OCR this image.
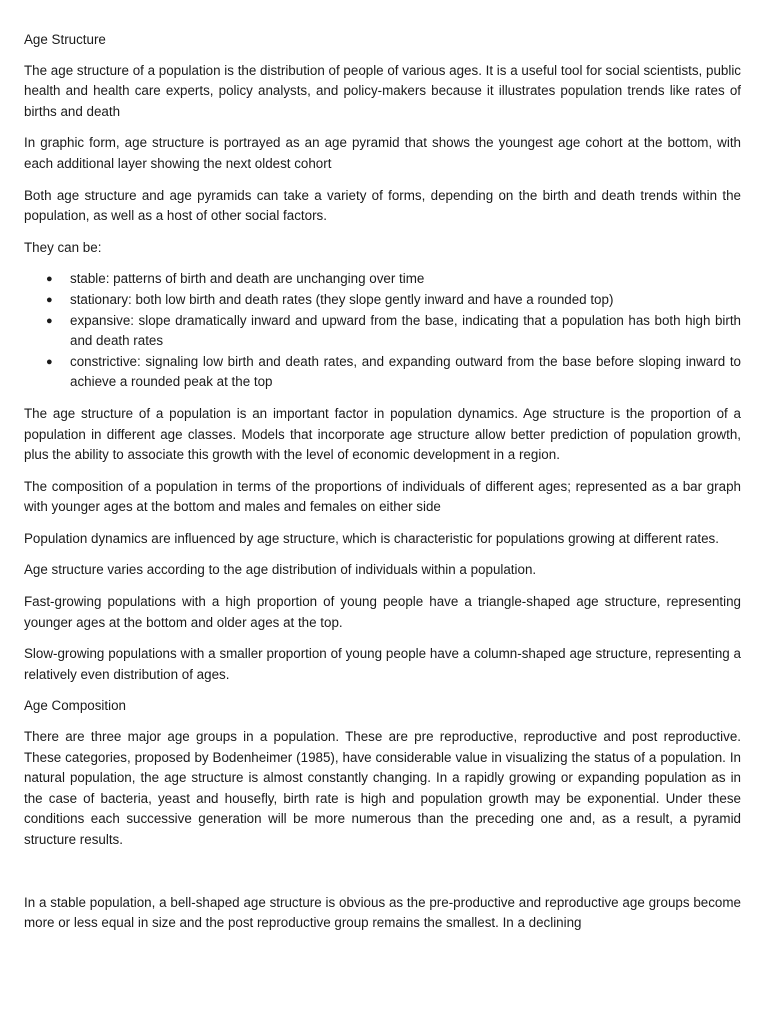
Age Structure

The age structure of a population is the distribution of people of various ages. It is a useful tool for social scientists, public health and health care experts, policy analysts, and policy-makers because it illustrates population trends like rates of births and death

In graphic form, age structure is portrayed as an age pyramid that shows the youngest age cohort at the bottom, with each additional layer showing the next oldest cohort

Both age structure and age pyramids can take a variety of forms, depending on the birth and death trends within the population, as well as a host of other social factors.

They can be:

● stable: patterns of birth and death are unchanging over time
● stationary: both low birth and death rates (they slope gently inward and have a rounded top)
● expansive: slope dramatically inward and upward from the base, indicating that a population has both high birth and death rates
● constrictive: signaling low birth and death rates, and expanding outward from the base before sloping inward to achieve a rounded peak at the top

The age structure of a population is an important factor in population dynamics. Age structure is the proportion of a population in different age classes. Models that incorporate age structure allow better prediction of population growth, plus the ability to associate this growth with the level of economic development in a region.

The composition of a population in terms of the proportions of individuals of different ages; represented as a bar graph with younger ages at the bottom and males and females on either side

Population dynamics are influenced by age structure, which is characteristic for populations growing at different rates.

Age structure varies according to the age distribution of individuals within a population.

Fast-growing populations with a high proportion of young people have a triangle-shaped age structure, representing younger ages at the bottom and older ages at the top.

Slow-growing populations with a smaller proportion of young people have a column-shaped age structure, representing a relatively even distribution of ages.

Age Composition

There are three major age groups in a population. These are pre reproductive, reproductive and post reproductive. These categories, proposed by Bodenheimer (1985), have considerable value in visualizing the status of a population. In natural population, the age structure is almost constantly changing. In a rapidly growing or expanding population as in the case of bacteria, yeast and housefly, birth rate is high and population growth may be exponential. Under these conditions each successive generation will be more numerous than the preceding one and, as a result, a pyramid structure results.

In a stable population, a bell-shaped age structure is obvious as the pre-productive and reproductive age groups become more or less equal in size and the post reproductive group remains the smallest. In a declining
